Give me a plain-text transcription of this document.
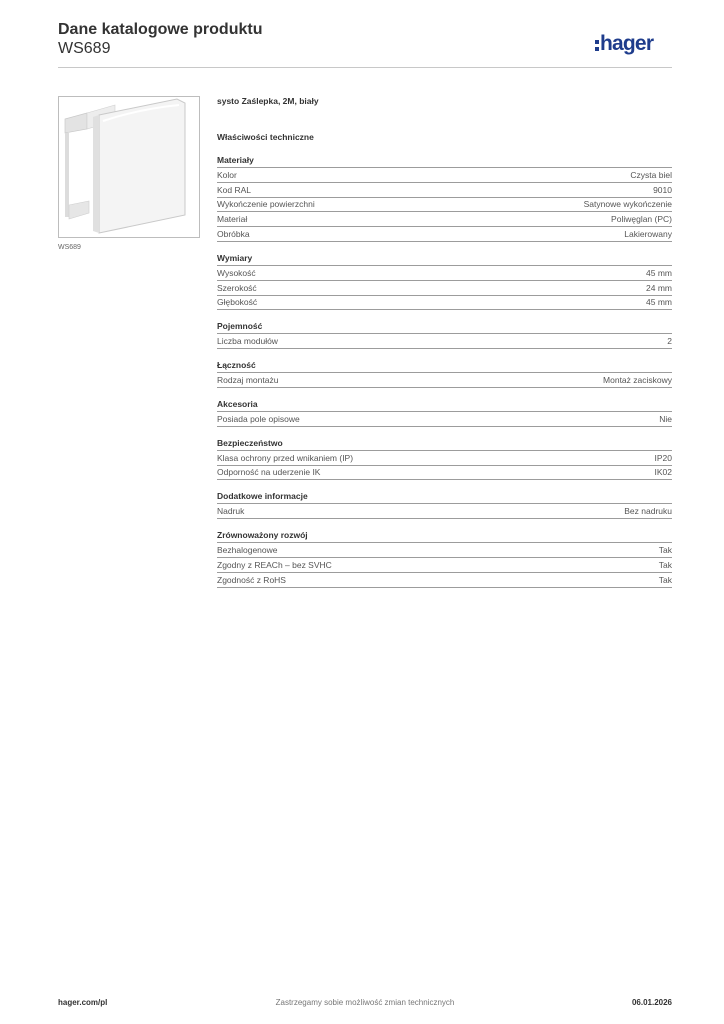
Dane katalogowe produktu
WS689	hager
WS689
systo Zaślepka, 2M, biały
Właściwości techniczne
Materiały
Kolor	Czysta biel
Kod RAL	9010
Wykończenie powierzchni	Satynowe wykończenie
Materiał	Poliwęglan (PC)
Obróbka	Lakierowany
Wymiary
Wysokość	45 mm
Szerokość	24 mm
Głębokość	45 mm
Pojemność
Liczba modułów	2
Łączność
Rodzaj montażu	Montaż zaciskowy
Akcesoria
Posiada pole opisowe	Nie
Bezpieczeństwo
Klasa ochrony przed wnikaniem (IP)	IP20
Odporność na uderzenie IK	IK02
Dodatkowe informacje
Nadruk	Bez nadruku
Zrównoważony rozwój
Bezhalogenowe	Tak
Zgodny z REACh – bez SVHC	Tak
Zgodność z RoHS	Tak
hager.com/pl	Zastrzegamy sobie możliwość zmian technicznych	06.01.2026
